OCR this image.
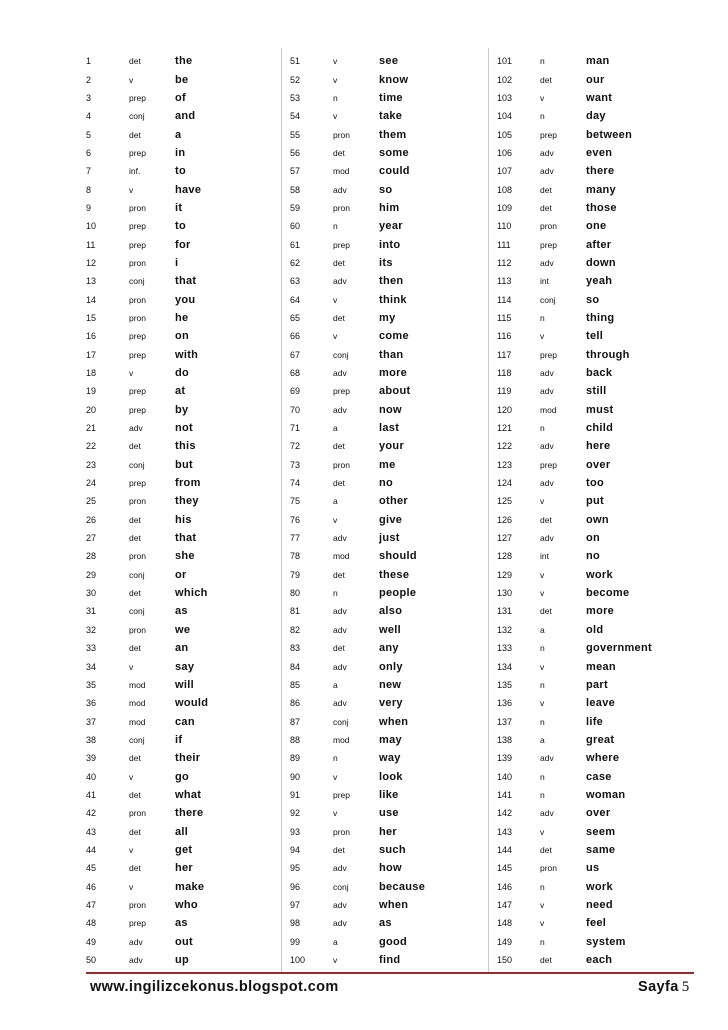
1	det	the
2	v	be
3	prep	of
4	conj	and
5	det	a
6	prep	in
7	inf.	to
8	v	have
9	pron	it
10	prep	to
11	prep	for
12	pron	i
13	conj	that
14	pron	you
15	pron	he
16	prep	on
17	prep	with
18	v	do
19	prep	at
20	prep	by
21	adv	not
22	det	this
23	conj	but
24	prep	from
25	pron	they
26	det	his
27	det	that
28	pron	she
29	conj	or
30	det	which
31	conj	as
32	pron	we
33	det	an
34	v	say
35	mod	will
36	mod	would
37	mod	can
38	conj	if
39	det	their
40	v	go
41	det	what
42	pron	there
43	det	all
44	v	get
45	det	her
46	v	make
47	pron	who
48	prep	as
49	adv	out
50	adv	up
51	v	see
52	v	know
53	n	time
54	v	take
55	pron	them
56	det	some
57	mod	could
58	adv	so
59	pron	him
60	n	year
61	prep	into
62	det	its
63	adv	then
64	v	think
65	det	my
66	v	come
67	conj	than
68	adv	more
69	prep	about
70	adv	now
71	a	last
72	det	your
73	pron	me
74	det	no
75	a	other
76	v	give
77	adv	just
78	mod	should
79	det	these
80	n	people
81	adv	also
82	adv	well
83	det	any
84	adv	only
85	a	new
86	adv	very
87	conj	when
88	mod	may
89	n	way
90	v	look
91	prep	like
92	v	use
93	pron	her
94	det	such
95	adv	how
96	conj	because
97	adv	when
98	adv	as
99	a	good
100	v	find
101	n	man
102	det	our
103	v	want
104	n	day
105	prep	between
106	adv	even
107	adv	there
108	det	many
109	det	those
110	pron	one
111	prep	after
112	adv	down
113	int	yeah
114	conj	so
115	n	thing
116	v	tell
117	prep	through
118	adv	back
119	adv	still
120	mod	must
121	n	child
122	adv	here
123	prep	over
124	adv	too
125	v	put
126	det	own
127	adv	on
128	int	no
129	v	work
130	v	become
131	det	more
132	a	old
133	n	government
134	v	mean
135	n	part
136	v	leave
137	n	life
138	a	great
139	adv	where
140	n	case
141	n	woman
142	adv	over
143	v	seem
144	det	same
145	pron	us
146	n	work
147	v	need
148	v	feel
149	n	system
150	det	each
www.ingilizcekonus.blogspot.com	Sayfa 5
